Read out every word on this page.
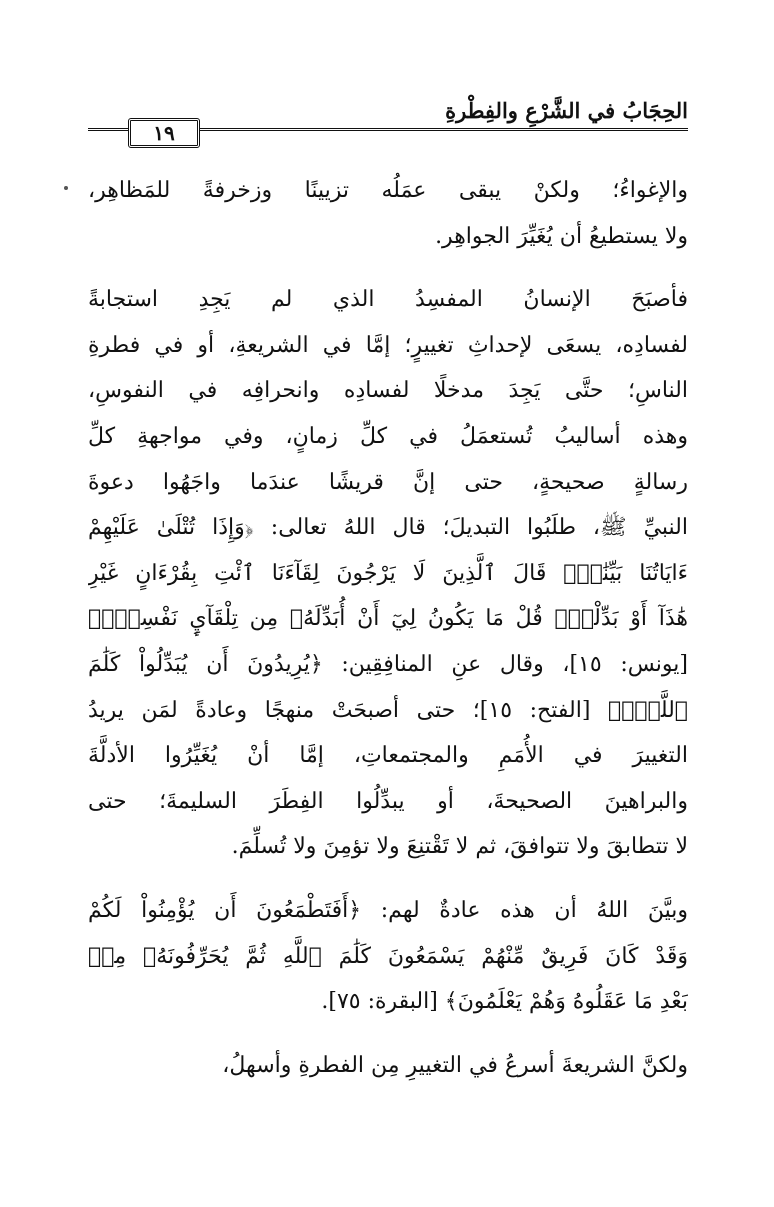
الحِجَابُ في الشَّرْعِ والفِطْرةِ
١٩

والإغواءُ؛ ولكنْ يبقى عمَلُه تزيينًا وزخرفةً للمَظاهِر،
ولا يستطيعُ أن يُغَيِّرَ الجواهِر.

فأصبَحَ الإنسانُ المفسِدُ الذي لم يَجِدِ استجابةً
لفسادِه، يسعَى لإحداثِ تغييرٍ؛ إمَّا في الشريعةِ، أو في فطرةِ
الناسِ؛ حتَّى يَجِدَ مدخلًا لفسادِه وانحرافِه في النفوسِ،
وهذه أساليبُ تُستعمَلُ في كلِّ زمانٍ، وفي مواجهةِ كلِّ
رسالةٍ صحيحةٍ، حتى إنَّ قريشًا عندَما واجَهُوا دعوةَ
النبيِّ ﷺ، طلَبُوا التبديلَ؛ قال اللهُ تعالى: ﴿وَإِذَا تُتْلَىٰ عَلَيْهِمْ
ءَايَاتُنَا بَيِّنَٰتٍۙ قَالَ ٱلَّذِينَ لَا يَرْجُونَ لِقَآءَنَا ٱئْتِ بِقُرْءَانٍ غَيْرِ
هَٰذَآ أَوْ بَدِّلْهُۚ قُلْ مَا يَكُونُ لِيٓ أَنْ أُبَدِّلَهُۥ مِن تِلْقَآيِٕ نَفْسِيٓۖ﴾
[يونس: ١٥]، وقال عنِ المنافِقِين: ﴿يُرِيدُونَ أَن يُبَدِّلُواْ كَلَٰمَ
ٱللَّهِۚ﴾ [الفتح: ١٥]؛ حتى أصبحَتْ منهجًا وعادةً لمَن يريدُ
التغييرَ في الأُمَمِ والمجتمعاتِ، إمَّا أنْ يُغَيِّرُوا الأدلَّةَ
والبراهينَ الصحيحةَ، أو يبدِّلُوا الفِطَرَ السليمةَ؛ حتى
لا تتطابقَ ولا تتوافقَ، ثم لا تَقْتنِعَ ولا تؤمِنَ ولا تُسلِّمَ.

وبيَّنَ اللهُ أن هذه عادةٌ لهم: ﴿أَفَتَطْمَعُونَ أَن يُؤْمِنُواْ لَكُمْ
وَقَدْ كَانَ فَرِيقٌ مِّنْهُمْ يَسْمَعُونَ كَلَٰمَ ٱللَّهِ ثُمَّ يُحَرِّفُونَهُۥ مِنۢ
بَعْدِ مَا عَقَلُوهُ وَهُمْ يَعْلَمُونَ﴾ [البقرة: ٧٥].

ولكنَّ الشريعةَ أسرعُ في التغييرِ مِن الفطرةِ وأسهلُ،
